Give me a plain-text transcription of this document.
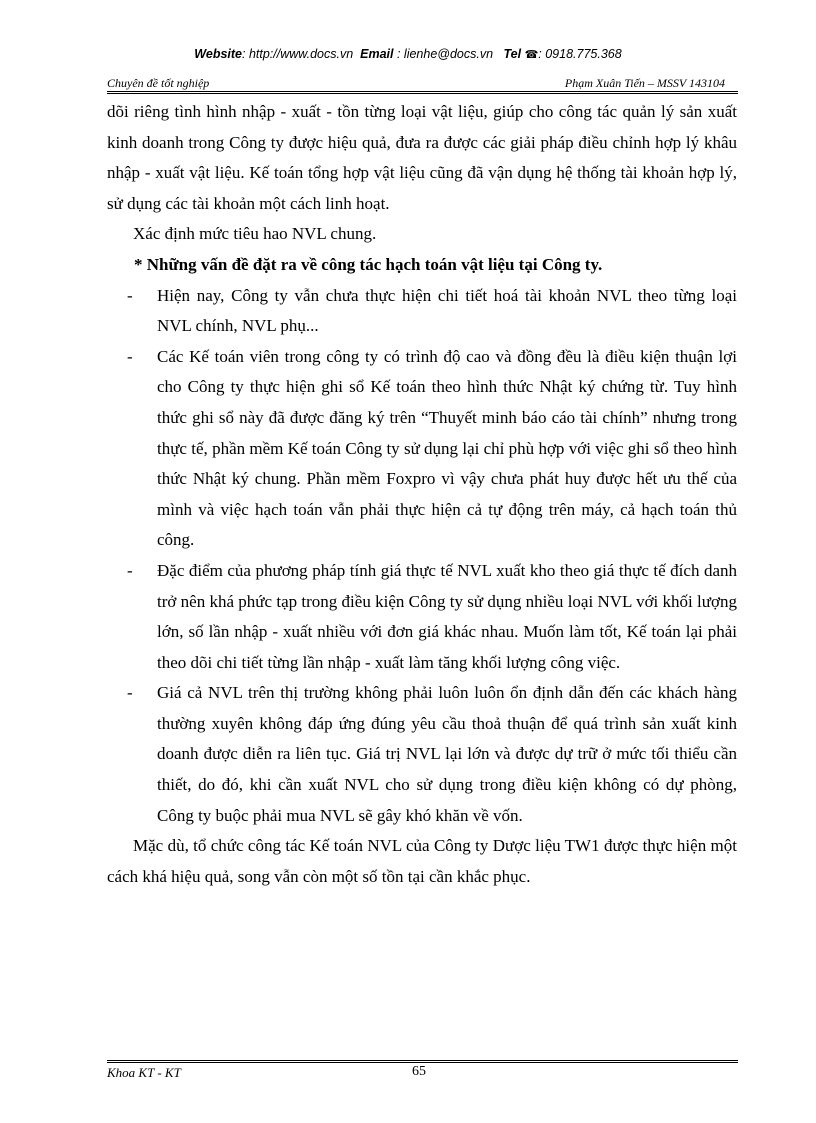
Website: http://www.docs.vn Email : lienhe@docs.vn Tel ☎: 0918.775.368
Chuyên đề tốt nghiệp	Phạm Xuân Tiến – MSSV 143104

dõi riêng tình hình nhập - xuất - tồn từng loại vật liệu, giúp cho công tác quản lý sản xuất kinh doanh trong Công ty được hiệu quả, đưa ra được các giải pháp điều chỉnh hợp lý khâu nhập - xuất vật liệu. Kế toán tổng hợp vật liệu cũng đã vận dụng hệ thống tài khoản hợp lý, sử dụng các tài khoản một cách linh hoạt.

Xác định mức tiêu hao NVL chung.

* Những vấn đề đặt ra về công tác hạch toán vật liệu tại Công ty.

- Hiện nay, Công ty vẫn chưa thực hiện chi tiết hoá tài khoản NVL theo từng loại NVL chính, NVL phụ...

- Các Kế toán viên trong công ty có trình độ cao và đồng đều là điều kiện thuận lợi cho Công ty thực hiện ghi sổ Kế toán theo hình thức Nhật ký chứng từ. Tuy hình thức ghi sổ này đã được đăng ký trên “Thuyết minh báo cáo tài chính” nhưng trong thực tế, phần mềm Kế toán Công ty sử dụng lại chỉ phù hợp với việc ghi sổ theo hình thức Nhật ký chung. Phần mềm Foxpro vì vậy chưa phát huy được hết ưu thế của mình và việc hạch toán vẫn phải thực hiện cả tự động trên máy, cả hạch toán thủ công.

- Đặc điểm của phương pháp tính giá thực tế NVL xuất kho theo giá thực tế đích danh trở nên khá phức tạp trong điều kiện Công ty sử dụng nhiều loại NVL với khối lượng lớn, số lần nhập - xuất nhiều với đơn giá khác nhau. Muốn làm tốt, Kế toán lại phải theo dõi chi tiết từng lần nhập - xuất làm tăng khối lượng công việc.

- Giá cả NVL trên thị trường không phải luôn luôn ổn định dẫn đến các khách hàng thường xuyên không đáp ứng đúng yêu cầu thoả thuận để quá trình sản xuất kinh doanh được diễn ra liên tục. Giá trị NVL lại lớn và được dự trữ ở mức tối thiểu cần thiết, do đó, khi cần xuất NVL cho sử dụng trong điều kiện không có dự phòng, Công ty buộc phải mua NVL sẽ gây khó khăn về vốn.

Mặc dù, tổ chức công tác Kế toán NVL của Công ty Dược liệu TW1 được thực hiện một cách khá hiệu quả, song vẫn còn một số tồn tại cần khắc phục.

Khoa KT - KT	65
